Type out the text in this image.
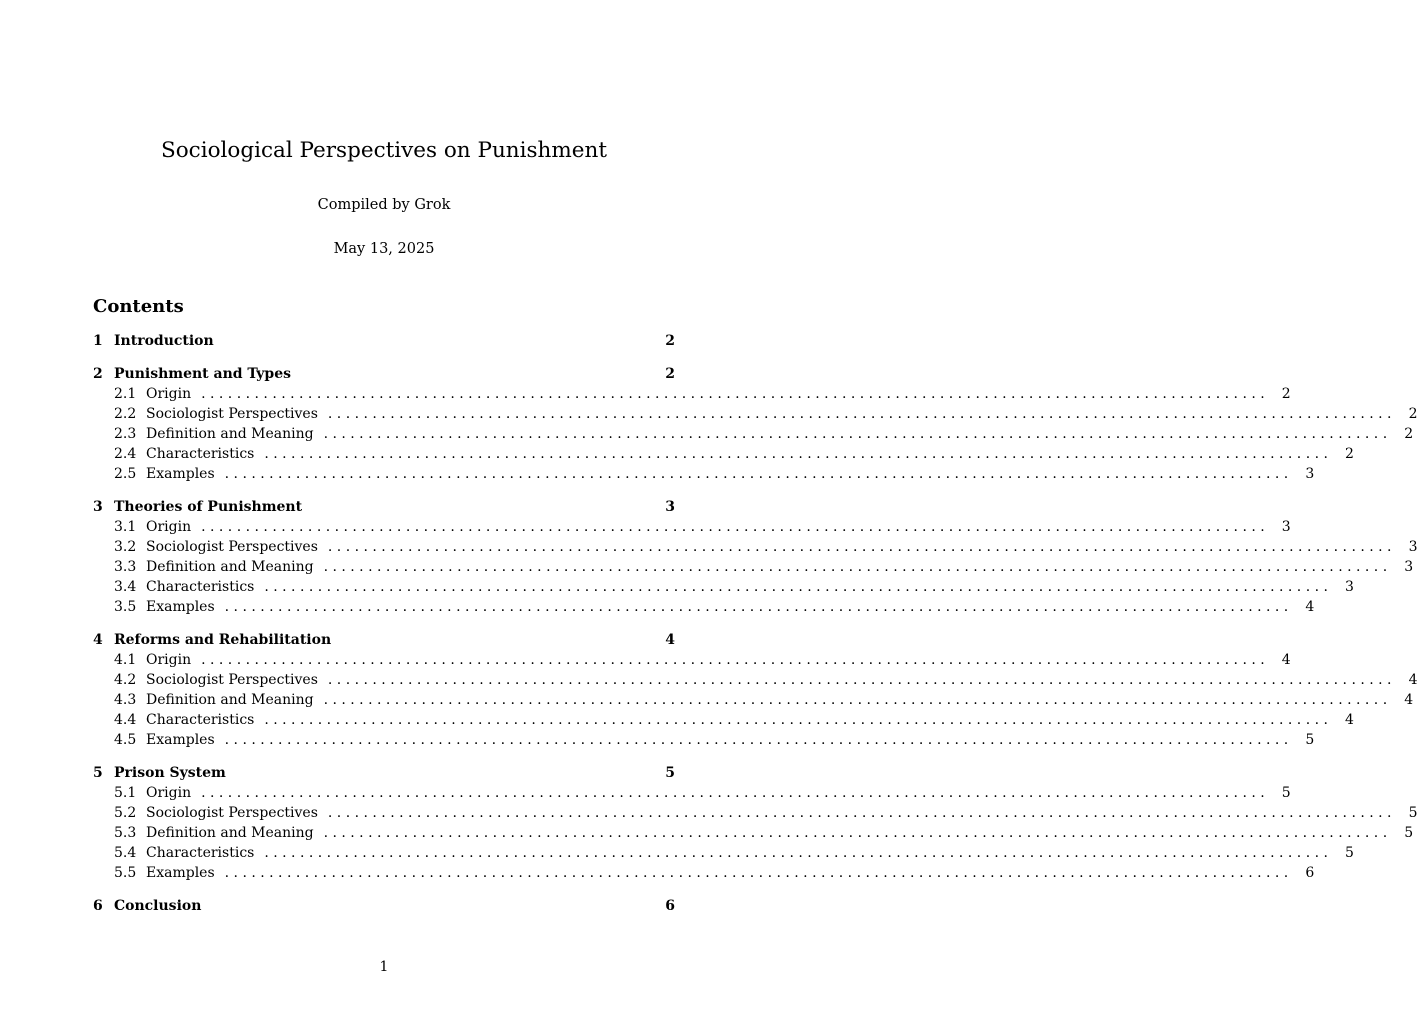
Sociological Perspectives on Punishment
Compiled by Grok
May 13, 2025
Contents
1 Introduction	2
2 Punishment and Types	2
2.1 Origin . . . . . . . . . . . . . . . . . . . . . . . . . . . . . . . . . . . . . . . . . . . . . . . . . . . . . . . . . . . . . . . . . . . . . . . . . . . . . . . . . . . . . . . . . . . . . . . . . . . . . . . . . . . . . . . . . . . . . . . .	2
2.2 Sociologist Perspectives . . . . . . . . . . . . . . . . . . . . . . . . . . . . . . . . . . . . . . . . . . . . . . . . . . . . . . . . . . . . . . . . . . . . . . . . . . . . . . . . . . . . . . . . . . . . . . . . . . . . . . . . . . . . . . . . . . . . . . . .	2
2.3 Definition and Meaning . . . . . . . . . . . . . . . . . . . . . . . . . . . . . . . . . . . . . . . . . . . . . . . . . . . . . . . . . . . . . . . . . . . . . . . . . . . . . . . . . . . . . . . . . . . . . . . . . . . . . . . . . . . . . . . . . . . . . . . .	2
2.4 Characteristics . . . . . . . . . . . . . . . . . . . . . . . . . . . . . . . . . . . . . . . . . . . . . . . . . . . . . . . . . . . . . . . . . . . . . . . . . . . . . . . . . . . . . . . . . . . . . . . . . . . . . . . . . . . . . . . . . . . . . . . .	2
2.5 Examples . . . . . . . . . . . . . . . . . . . . . . . . . . . . . . . . . . . . . . . . . . . . . . . . . . . . . . . . . . . . . . . . . . . . . . . . . . . . . . . . . . . . . . . . . . . . . . . . . . . . . . . . . . . . . . . . . . . . . . . .	3
3 Theories of Punishment	3
3.1 Origin . . . . . . . . . . . . . . . . . . . . . . . . . . . . . . . . . . . . . . . . . . . . . . . . . . . . . . . . . . . . . . . . . . . . . . . . . . . . . . . . . . . . . . . . . . . . . . . . . . . . . . . . . . . . . . . . . . . . . . . .	3
3.2 Sociologist Perspectives . . . . . . . . . . . . . . . . . . . . . . . . . . . . . . . . . . . . . . . . . . . . . . . . . . . . . . . . . . . . . . . . . . . . . . . . . . . . . . . . . . . . . . . . . . . . . . . . . . . . . . . . . . . . . . . . . . . . . . . .	3
3.3 Definition and Meaning . . . . . . . . . . . . . . . . . . . . . . . . . . . . . . . . . . . . . . . . . . . . . . . . . . . . . . . . . . . . . . . . . . . . . . . . . . . . . . . . . . . . . . . . . . . . . . . . . . . . . . . . . . . . . . . . . . . . . . . .	3
3.4 Characteristics . . . . . . . . . . . . . . . . . . . . . . . . . . . . . . . . . . . . . . . . . . . . . . . . . . . . . . . . . . . . . . . . . . . . . . . . . . . . . . . . . . . . . . . . . . . . . . . . . . . . . . . . . . . . . . . . . . . . . . . .	3
3.5 Examples . . . . . . . . . . . . . . . . . . . . . . . . . . . . . . . . . . . . . . . . . . . . . . . . . . . . . . . . . . . . . . . . . . . . . . . . . . . . . . . . . . . . . . . . . . . . . . . . . . . . . . . . . . . . . . . . . . . . . . . .	4
4 Reforms and Rehabilitation	4
4.1 Origin . . . . . . . . . . . . . . . . . . . . . . . . . . . . . . . . . . . . . . . . . . . . . . . . . . . . . . . . . . . . . . . . . . . . . . . . . . . . . . . . . . . . . . . . . . . . . . . . . . . . . . . . . . . . . . . . . . . . . . . .	4
4.2 Sociologist Perspectives . . . . . . . . . . . . . . . . . . . . . . . . . . . . . . . . . . . . . . . . . . . . . . . . . . . . . . . . . . . . . . . . . . . . . . . . . . . . . . . . . . . . . . . . . . . . . . . . . . . . . . . . . . . . . . . . . . . . . . . .	4
4.3 Definition and Meaning . . . . . . . . . . . . . . . . . . . . . . . . . . . . . . . . . . . . . . . . . . . . . . . . . . . . . . . . . . . . . . . . . . . . . . . . . . . . . . . . . . . . . . . . . . . . . . . . . . . . . . . . . . . . . . . . . . . . . . . .	4
4.4 Characteristics . . . . . . . . . . . . . . . . . . . . . . . . . . . . . . . . . . . . . . . . . . . . . . . . . . . . . . . . . . . . . . . . . . . . . . . . . . . . . . . . . . . . . . . . . . . . . . . . . . . . . . . . . . . . . . . . . . . . . . . .	4
4.5 Examples . . . . . . . . . . . . . . . . . . . . . . . . . . . . . . . . . . . . . . . . . . . . . . . . . . . . . . . . . . . . . . . . . . . . . . . . . . . . . . . . . . . . . . . . . . . . . . . . . . . . . . . . . . . . . . . . . . . . . . . .	5
5 Prison System	5
5.1 Origin . . . . . . . . . . . . . . . . . . . . . . . . . . . . . . . . . . . . . . . . . . . . . . . . . . . . . . . . . . . . . . . . . . . . . . . . . . . . . . . . . . . . . . . . . . . . . . . . . . . . . . . . . . . . . . . . . . . . . . . .	5
5.2 Sociologist Perspectives . . . . . . . . . . . . . . . . . . . . . . . . . . . . . . . . . . . . . . . . . . . . . . . . . . . . . . . . . . . . . . . . . . . . . . . . . . . . . . . . . . . . . . . . . . . . . . . . . . . . . . . . . . . . . . . . . . . . . . . .	5
5.3 Definition and Meaning . . . . . . . . . . . . . . . . . . . . . . . . . . . . . . . . . . . . . . . . . . . . . . . . . . . . . . . . . . . . . . . . . . . . . . . . . . . . . . . . . . . . . . . . . . . . . . . . . . . . . . . . . . . . . . . . . . . . . . . .	5
5.4 Characteristics . . . . . . . . . . . . . . . . . . . . . . . . . . . . . . . . . . . . . . . . . . . . . . . . . . . . . . . . . . . . . . . . . . . . . . . . . . . . . . . . . . . . . . . . . . . . . . . . . . . . . . . . . . . . . . . . . . . . . . . .	5
5.5 Examples . . . . . . . . . . . . . . . . . . . . . . . . . . . . . . . . . . . . . . . . . . . . . . . . . . . . . . . . . . . . . . . . . . . . . . . . . . . . . . . . . . . . . . . . . . . . . . . . . . . . . . . . . . . . . . . . . . . . . . . .	6
6 Conclusion	6
1
